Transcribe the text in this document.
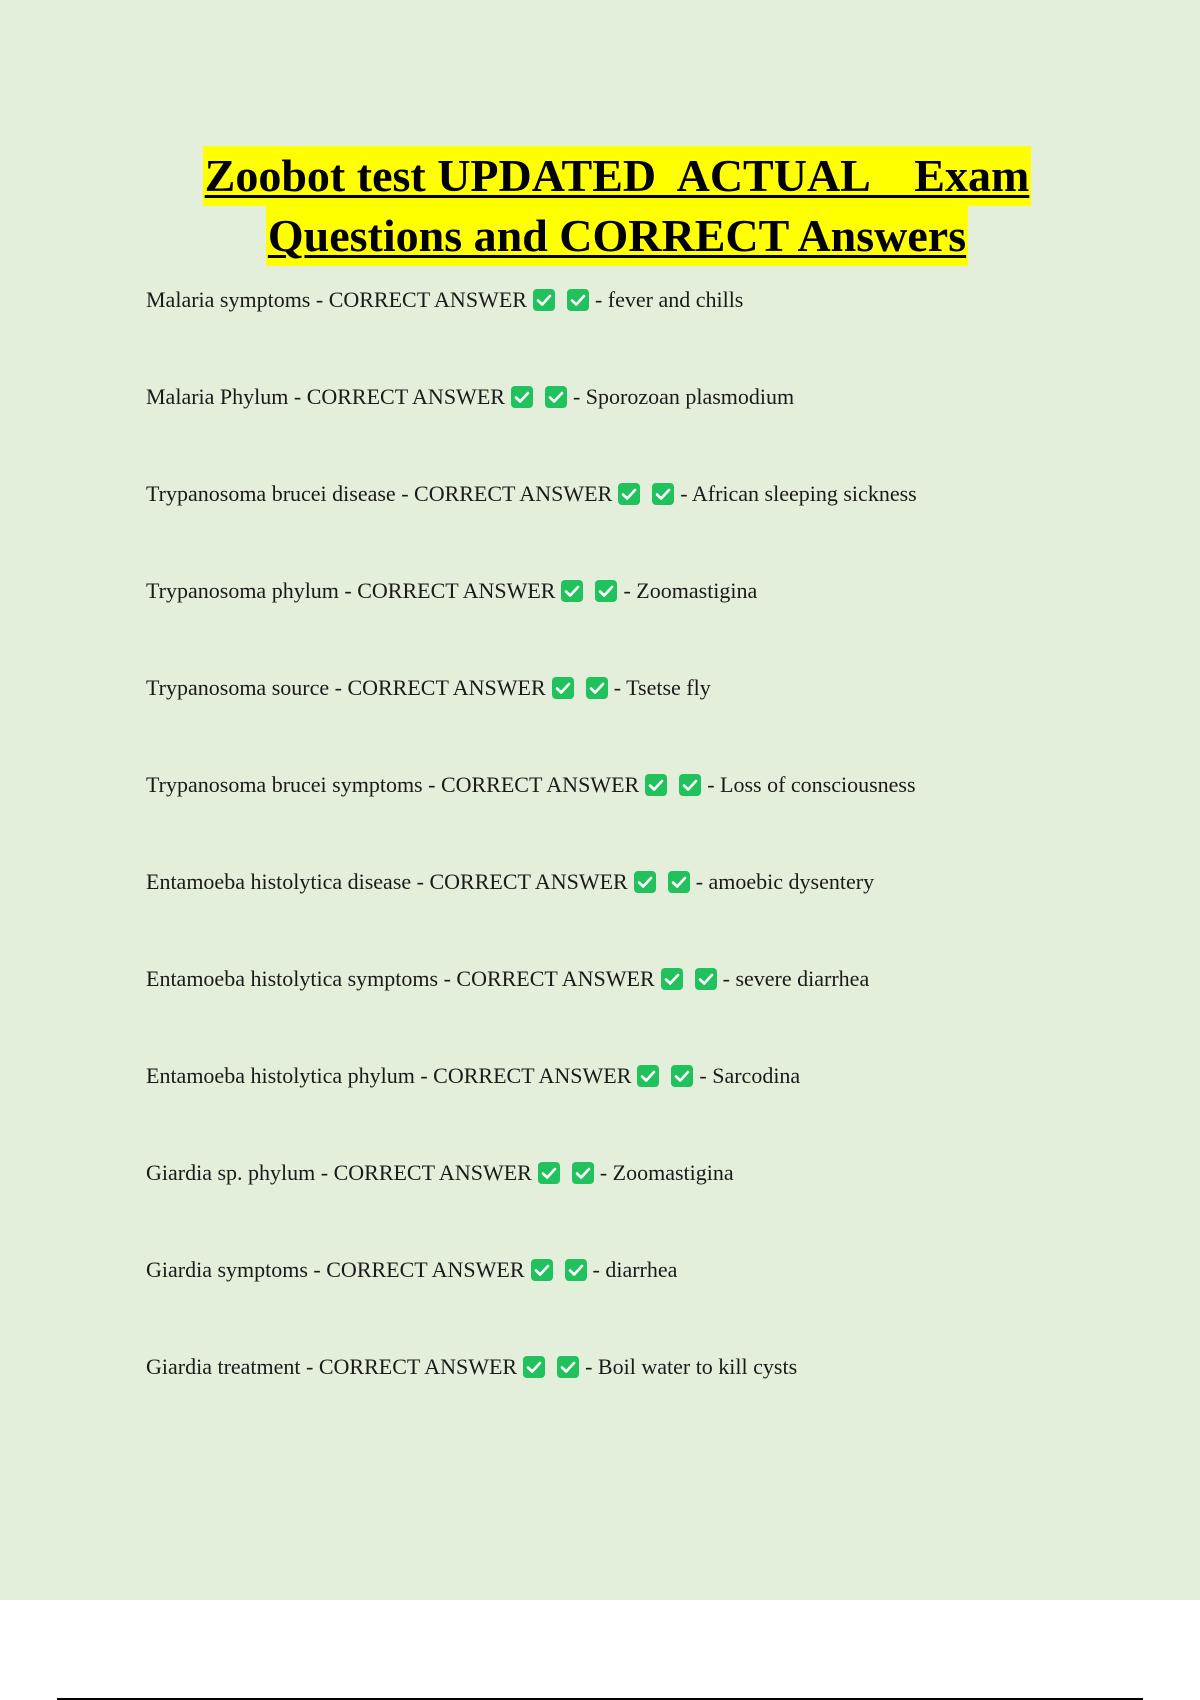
Zoobot test UPDATED  ACTUAL    Exam
Questions and CORRECT Answers
Malaria symptoms - CORRECT ANSWER	- fever and chills
Malaria Phylum - CORRECT ANSWER	- Sporozoan plasmodium
Trypanosoma brucei disease - CORRECT ANSWER	- African sleeping sickness
Trypanosoma phylum - CORRECT ANSWER	- Zoomastigina
Trypanosoma source - CORRECT ANSWER	- Tsetse fly
Trypanosoma brucei symptoms - CORRECT ANSWER	- Loss of consciousness
Entamoeba histolytica disease - CORRECT ANSWER	- amoebic dysentery
Entamoeba histolytica symptoms - CORRECT ANSWER	- severe diarrhea
Entamoeba histolytica phylum - CORRECT ANSWER	- Sarcodina
Giardia sp. phylum - CORRECT ANSWER	- Zoomastigina
Giardia symptoms - CORRECT ANSWER	- diarrhea
Giardia treatment - CORRECT ANSWER	- Boil water to kill cysts
